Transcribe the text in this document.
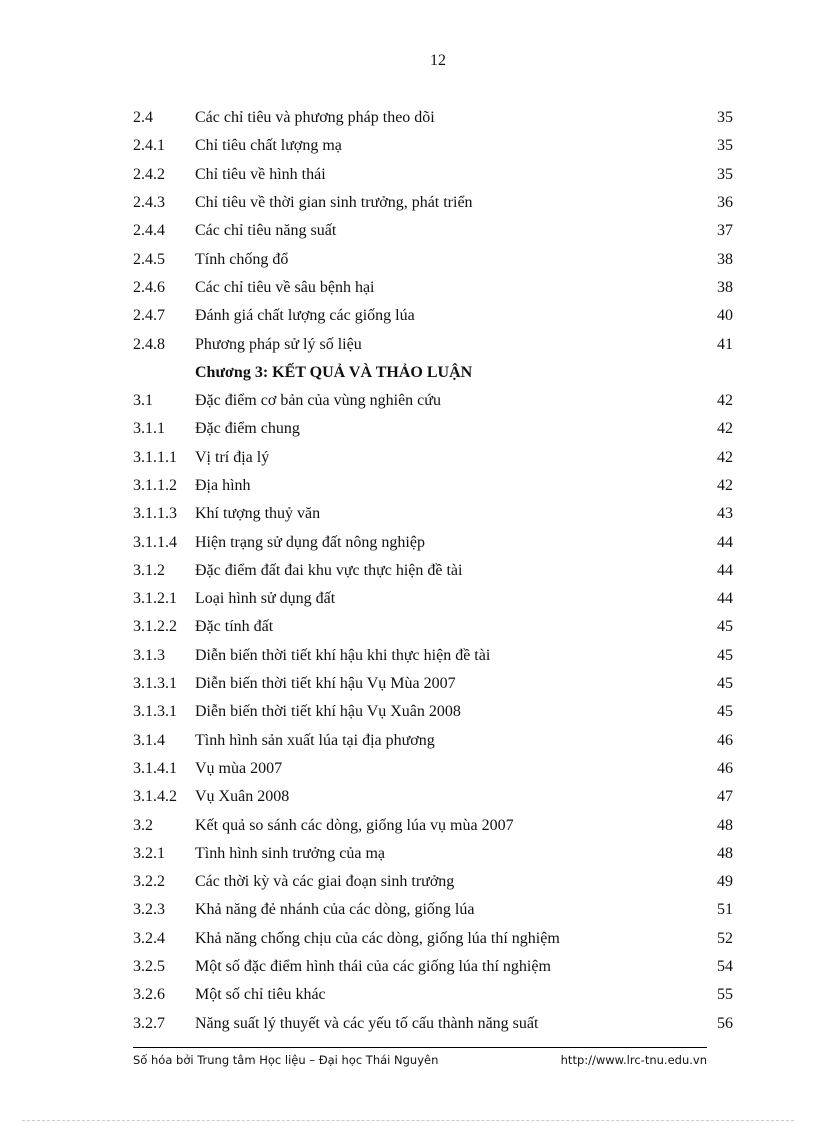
12
2.4	Các chỉ tiêu và phương pháp theo dõi	35
2.4.1	Chỉ tiêu chất lượng mạ	35
2.4.2	Chỉ tiêu về hình thái	35
2.4.3	Chỉ tiêu về thời gian sinh trưởng, phát triển	36
2.4.4	Các chỉ tiêu năng suất	37
2.4.5	Tính chống đổ	38
2.4.6	Các chỉ tiêu về sâu bệnh hại	38
2.4.7	Đánh giá chất lượng các giống lúa	40
2.4.8	Phương pháp sử lý số liệu	41
Chương 3: KẾT QUẢ VÀ THẢO LUẬN
3.1	Đặc điểm cơ bản của vùng nghiên cứu	42
3.1.1	Đặc điểm chung	42
3.1.1.1	Vị trí địa lý	42
3.1.1.2	Địa hình	42
3.1.1.3	Khí tượng thuỷ văn	43
3.1.1.4	Hiện trạng sử dụng đất nông nghiệp	44
3.1.2	Đặc điểm đất đai khu vực thực hiện đề tài	44
3.1.2.1	Loại hình sử dụng đất	44
3.1.2.2	Đặc tính đất	45
3.1.3	Diễn biến thời tiết khí hậu khi thực hiện đề tài	45
3.1.3.1	Diễn biến thời tiết khí hậu Vụ Mùa 2007	45
3.1.3.1	Diễn biến thời tiết khí hậu Vụ Xuân 2008	45
3.1.4	Tình hình sản xuất lúa tại địa phương	46
3.1.4.1	Vụ mùa 2007	46
3.1.4.2	Vụ Xuân 2008	47
3.2	Kết quả so sánh các dòng, giống lúa vụ mùa 2007	48
3.2.1	Tình hình sinh trưởng của mạ	48
3.2.2	Các thời kỳ và các giai đoạn sinh trưởng	49
3.2.3	Khả năng đẻ nhánh của các dòng, giống lúa	51
3.2.4	Khả năng chống chịu của các dòng, giống lúa thí nghiệm	52
3.2.5	Một số đặc điểm hình thái của các giống lúa thí nghiệm	54
3.2.6	Một số chỉ tiêu khác	55
3.2.7	Năng suất lý thuyết và các yếu tố cấu thành năng suất	56
Số hóa bởi Trung tâm Học liệu – Đại học Thái Nguyên	http://www.lrc-tnu.edu.vn
